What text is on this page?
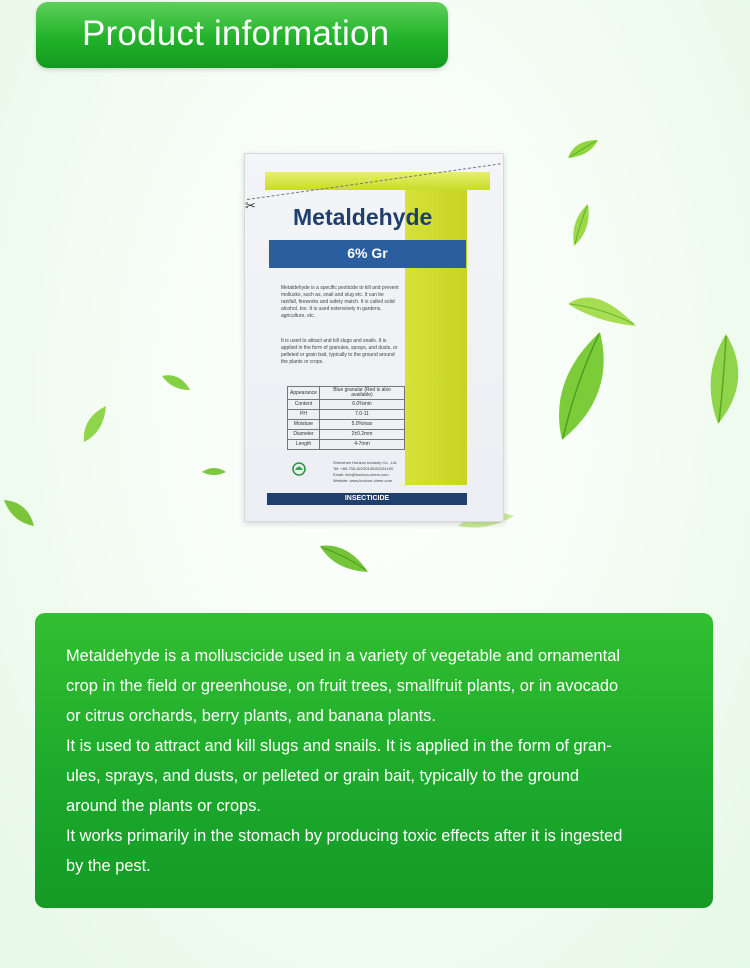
Product information
✂ Metaldehyde
6% Gr
Metaldehyde is a specific pesticide to kill and prevent mollusks, such as, snail and slug etc. It can be rainfall, fireworks and safety match. It is called solid alcohol, too. It is used extensively in gardens, agriculture, etc.
It is used to attract and kill slugs and snails. It is applied in the form of granules, sprays, and dusts, or pelleted or grain bait, typically to the ground around the plants or crops.
Appearance	Blue granular (Red is also available)
Content	6.0%min
PH	7.0-11
Moisture	5.0%max
Diameter	2±0.2mm
Length	4-7mm
Shenzhen Horizon Industry Co., Ltd.
Tel: +86-755-82230130/82224190
Email: info@horizon-chem.com
Website: www.horizon-chem.com
INSECTICIDE

Metaldehyde is a molluscicide used in a variety of vegetable and ornamental
crop in the field or greenhouse, on fruit trees, smallfruit plants, or in avocado
or citrus orchards, berry plants, and banana plants.

It is used to attract and kill slugs and snails. It is applied in the form of gran-
ules, sprays, and dusts, or pelleted or grain bait, typically to the ground
around the plants or crops.

It works primarily in the stomach by producing toxic effects after it is ingested
by the pest.
